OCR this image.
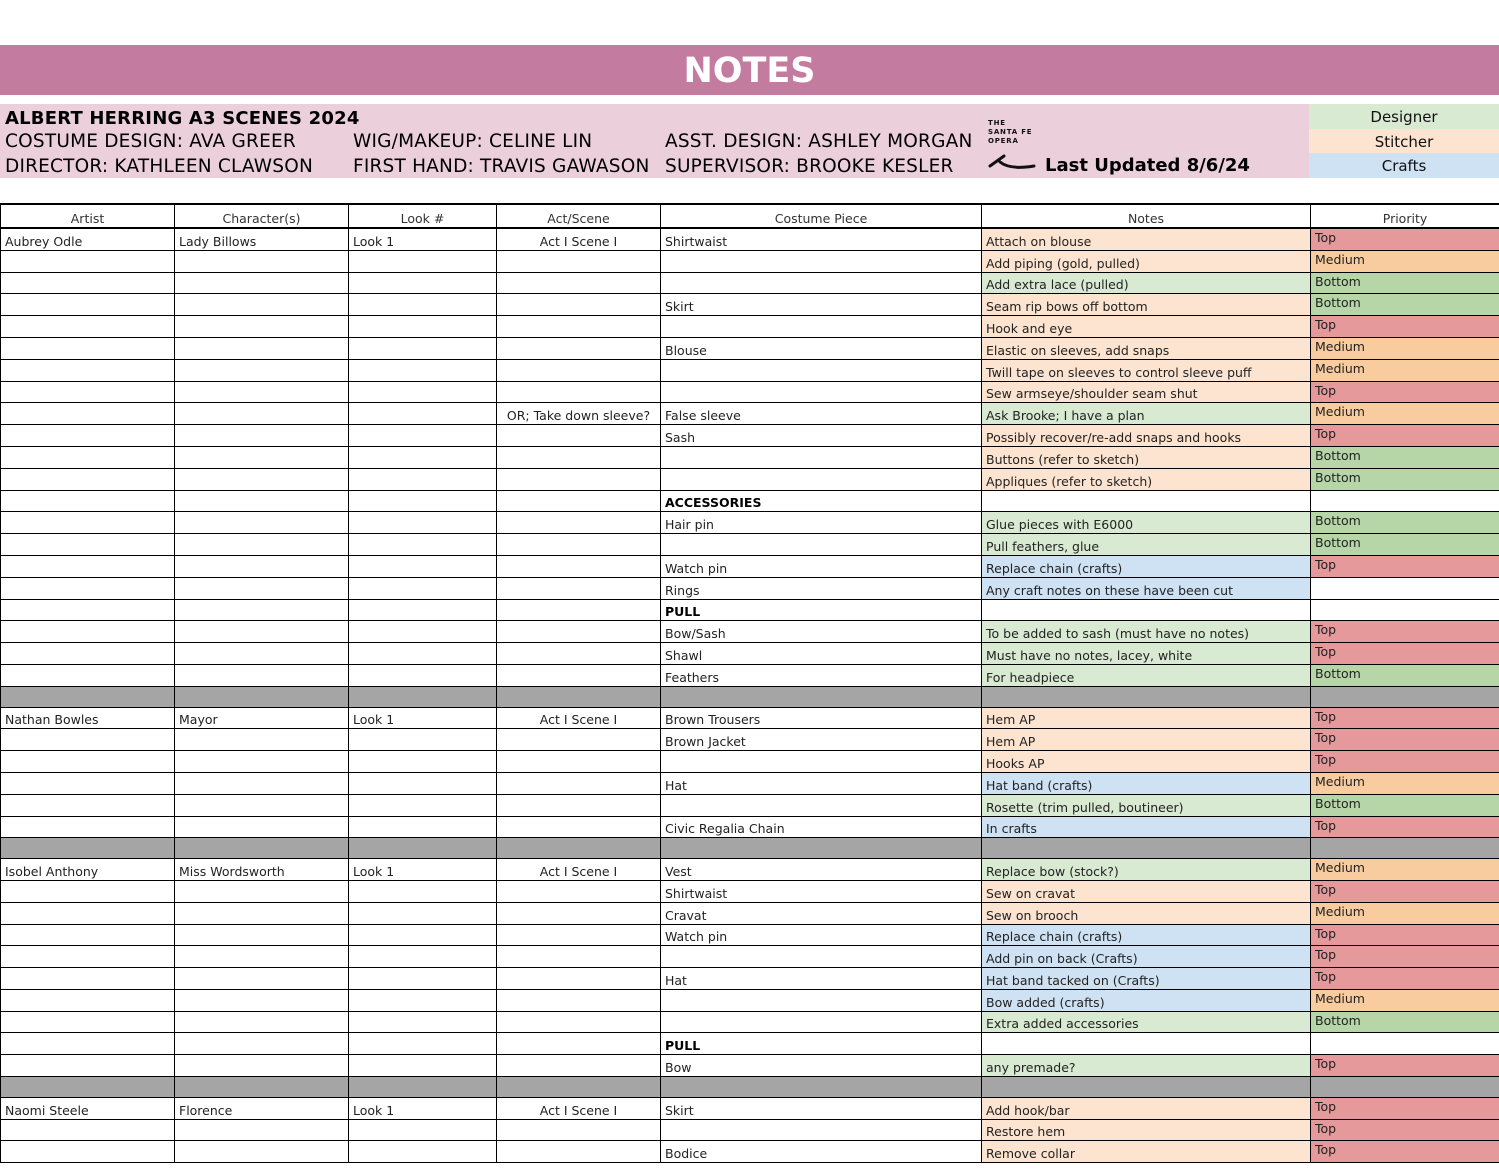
NOTES
Designer
Stitcher
Crafts
ALBERT HERRING A3 SCENES 2024
COSTUME DESIGN: AVA GREER	WIG/MAKEUP: CELINE LIN	ASST. DESIGN: ASHLEY MORGAN
DIRECTOR: KATHLEEN CLAWSON FIRST HAND: TRAVIS GAWASON SUPERVISOR: BROOKE KESLER
THE
SANTA FE
OPERA
Last Updated 8/6/24
Artist	Character(s)	Look #	Act/Scene	Costume Piece	Notes	Priority
Aubrey Odle	Lady Billows	Look 1	Act I Scene I	Shirtwaist	Attach on blouse	Top
					Add piping (gold, pulled)	Medium
					Add extra lace (pulled)	Bottom
				Skirt	Seam rip bows off bottom	Bottom
					Hook and eye	Top
				Blouse	Elastic on sleeves, add snaps	Medium
					Twill tape on sleeves to control sleeve puff	Medium
					Sew armseye/shoulder seam shut	Top
			OR; Take down sleeve?	False sleeve	Ask Brooke; I have a plan	Medium
				Sash	Possibly recover/re-add snaps and hooks	Top
					Buttons (refer to sketch)	Bottom
					Appliques (refer to sketch)	Bottom
				ACCESSORIES		
				Hair pin	Glue pieces with E6000	Bottom
					Pull feathers, glue	Bottom
				Watch pin	Replace chain (crafts)	Top
				Rings	Any craft notes on these have been cut	
				PULL		
				Bow/Sash	To be added to sash (must have no notes)	Top
				Shawl	Must have no notes, lacey, white	Top
				Feathers	For headpiece	Bottom

Nathan Bowles	Mayor	Look 1	Act I Scene I	Brown Trousers	Hem AP	Top
				Brown Jacket	Hem AP	Top
					Hooks AP	Top
				Hat	Hat band (crafts)	Medium
					Rosette (trim pulled, boutineer)	Bottom
				Civic Regalia Chain	In crafts	Top

Isobel Anthony	Miss Wordsworth	Look 1	Act I Scene I	Vest	Replace bow (stock?)	Medium
				Shirtwaist	Sew on cravat	Top
				Cravat	Sew on brooch	Medium
				Watch pin	Replace chain (crafts)	Top
					Add pin on back (Crafts)	Top
				Hat	Hat band tacked on (Crafts)	Top
					Bow added (crafts)	Medium
					Extra added accessories	Bottom
				PULL		
				Bow	any premade?	Top

Naomi Steele	Florence	Look 1	Act I Scene I	Skirt	Add hook/bar	Top
					Restore hem	Top
				Bodice	Remove collar	Top
